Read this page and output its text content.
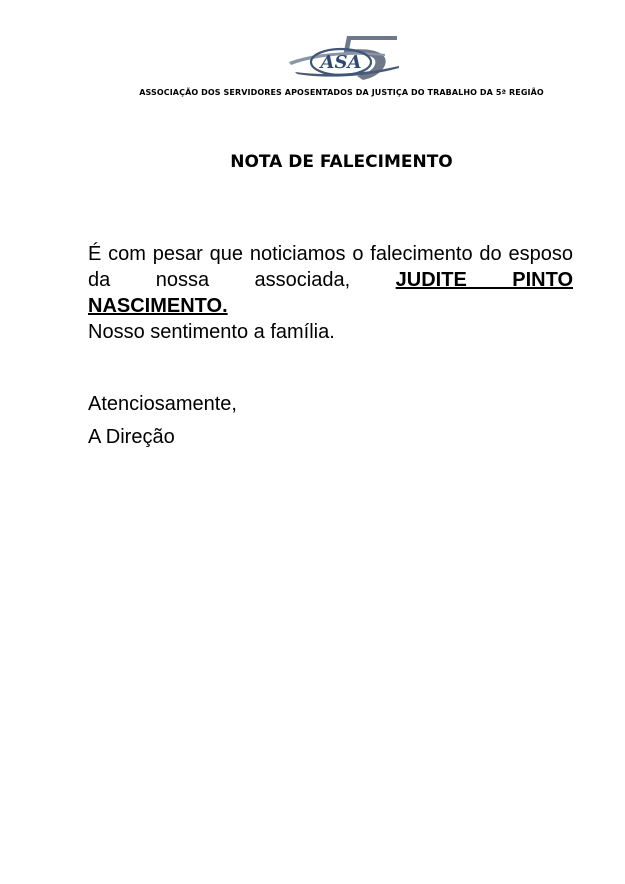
ASA
ASSOCIAÇÃO DOS SERVIDORES APOSENTADOS DA JUSTIÇA DO TRABALHO DA 5ª REGIÃO
NOTA DE FALECIMENTO
É com pesar que noticiamos o falecimento do esposo da nossa associada, JUDITE PINTO
NASCIMENTO.
Nosso sentimento a família.
Atenciosamente,
A Direção
